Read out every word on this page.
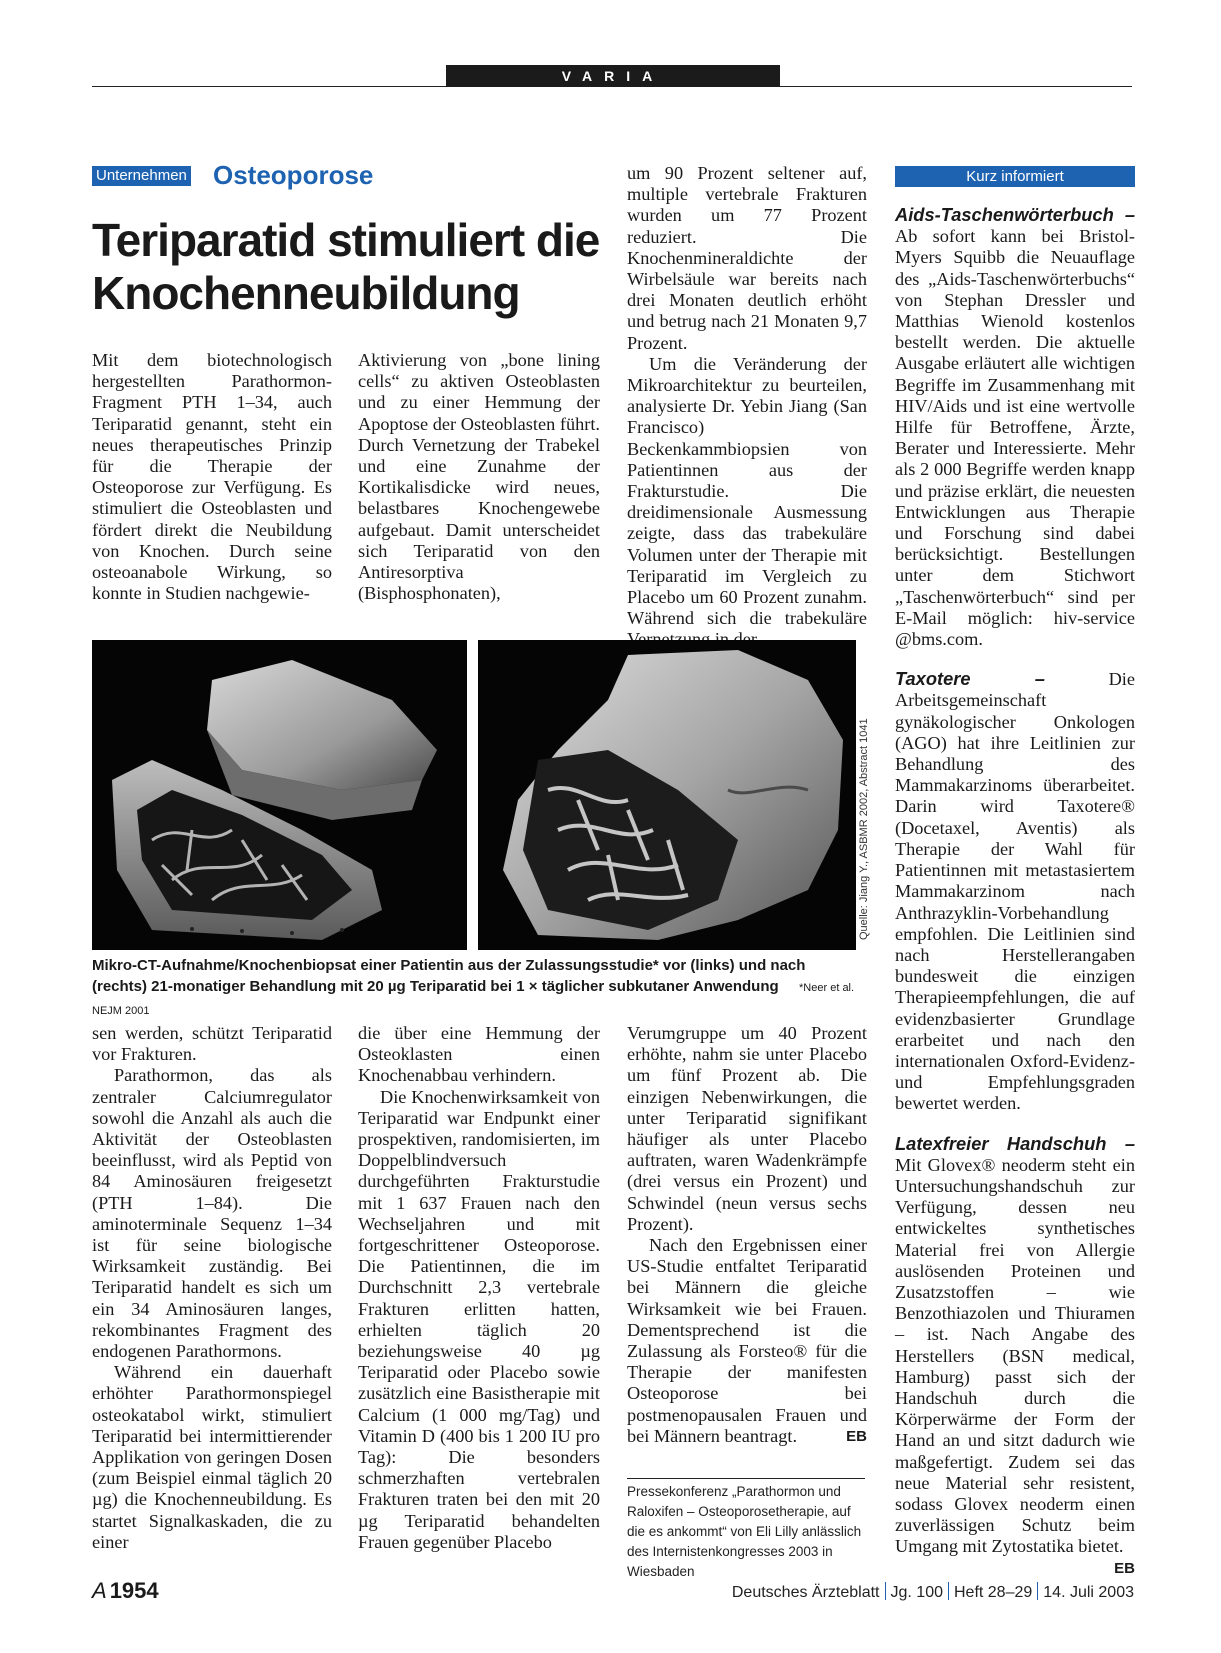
VARIA
Unternehmen Osteoporose
Teriparatid stimuliert die Knochenneubildung

Mit dem biotechnologisch hergestellten Parathormon-Fragment PTH 1–34, auch Teriparatid genannt, steht ein neues therapeutisches Prinzip für die Therapie der Osteoporose zur Verfügung. Es stimuliert die Osteoblasten und fördert direkt die Neubildung von Knochen. Durch seine osteoanabole Wirkung, so konnte in Studien nachgewie-

Aktivierung von „bone lining cells“ zu aktiven Osteoblasten und zu einer Hemmung der Apoptose der Osteoblasten führt. Durch Vernetzung der Trabekel und eine Zunahme der Kortikalisdicke wird neues, belastbares Knochengewebe aufgebaut. Damit unterscheidet sich Teriparatid von den Antiresorptiva (Bisphosphonaten),

um 90 Prozent seltener auf, multiple vertebrale Frakturen wurden um 77 Prozent reduziert. Die Knochenmineraldichte der Wirbelsäule war bereits nach drei Monaten deutlich erhöht und betrug nach 21 Monaten 9,7 Prozent.

Um die Veränderung der Mikroarchitektur zu beurteilen, analysierte Dr. Yebin Jiang (San Francisco) Beckenkammbiopsien von Patientinnen aus der Frakturstudie. Die dreidimensionale Ausmessung zeigte, dass das trabekuläre Volumen unter der Therapie mit Teriparatid im Vergleich zu Placebo um 60 Prozent zunahm. Während sich die trabekuläre

Quelle: Jiang Y., ASBMR 2002, Abstract 1041
Mikro-CT-Aufnahme/Knochenbiopsat einer Patientin aus der Zulassungsstudie* vor (links) und nach (rechts) 21-monatiger Behandlung mit 20 µg Teriparatid bei 1 × täglicher subkutaner Anwendung *Neer et al. NEJM 2001

sen werden, schützt Teriparatid vor Frakturen.

Parathormon, das als zentraler Calciumregulator sowohl die Anzahl als auch die Aktivität der Osteoblasten beeinflusst, wird als Peptid von 84 Aminosäuren freigesetzt (PTH 1–84). Die aminoterminale Sequenz 1–34 ist für seine biologische Wirksamkeit zuständig. Bei Teriparatid handelt es sich um ein 34 Aminosäuren langes, rekombinantes Fragment des endogenen Parathormons.

Während ein dauerhaft erhöhter Parathormonspiegel osteokatabol wirkt, stimuliert Teriparatid bei intermittierender Applikation von geringen Dosen (zum Beispiel einmal täglich 20 µg) die Knochenneubildung. Es startet Signalkaskaden, die zu einer

die über eine Hemmung der Osteoklasten einen Knochenabbau verhindern.

Die Knochenwirksamkeit von Teriparatid war Endpunkt einer prospektiven, randomisierten, im Doppelblindversuch durchgeführten Frakturstudie mit 1 637 Frauen nach den Wechseljahren und mit fortgeschrittener Osteoporose. Die Patientinnen, die im Durchschnitt 2,3 vertebrale Frakturen erlitten hatten, erhielten täglich 20 beziehungsweise 40 µg Teriparatid oder Placebo sowie zusätzlich eine Basistherapie mit Calcium (1 000 mg/Tag) und Vitamin D (400 bis 1 200 IU pro Tag): Die besonders schmerzhaften vertebralen Frakturen traten bei den mit 20 µg Teriparatid behandelten Frauen gegenüber Placebo

Verumgruppe um 40 Prozent erhöhte, nahm sie unter Placebo um fünf Prozent ab. Die einzigen Nebenwirkungen, die unter Teriparatid signifikant häufiger als unter Placebo auftraten, waren Wadenkrämpfe (drei versus ein Prozent) und Schwindel (neun versus sechs Prozent).

Nach den Ergebnissen einer US-Studie entfaltet Teriparatid bei Männern die gleiche Wirksamkeit wie bei Frauen. Dementsprechend ist die Zulassung als Forsteo® für die Therapie der manifesten Osteoporose bei postmenopausalen Frauen und bei Männern beantragt.	EB

Pressekonferenz „Parathormon und Raloxifen – Osteoporosetherapie, auf die es ankommt“ von Eli Lilly anlässlich des Internistenkongresses 2003 in Wiesbaden
Kurz informiert
Aids-Taschenwörterbuch – Ab sofort kann bei Bristol-Myers Squibb die Neuauflage des „Aids-Taschenwörterbuchs“ von Stephan Dressler und Matthias Wienold kostenlos bestellt werden. Die aktuelle Ausgabe erläutert alle wichtigen Begriffe im Zusammenhang mit HIV/Aids und ist eine wertvolle Hilfe für Betroffene, Ärzte, Berater und Interessierte. Mehr als 2 000 Begriffe werden knapp und präzise erklärt, die neuesten Entwicklungen aus Therapie und Forschung sind dabei berücksichtigt. Bestellungen unter dem Stichwort „Taschenwörterbuch“ sind per E-Mail möglich: hiv-service @bms.com.
Taxotere – Die Arbeitsgemeinschaft gynäkologischer Onkologen (AGO) hat ihre Leitlinien zur Behandlung des Mammakarzinoms überarbeitet. Darin wird Taxotere® (Docetaxel, Aventis) als Therapie der Wahl für Patientinnen mit metastasiertem Mammakarzinom nach Anthrazyklin-Vorbehandlung empfohlen. Die Leitlinien sind nach Herstellerangaben bundesweit die einzigen Therapieempfehlungen, die auf evidenzbasierter Grundlage erarbeitet und nach den internationalen Oxford-Evidenz- und Empfehlungsgraden bewertet werden.
Latexfreier Handschuh – Mit Glovex® neoderm steht ein Untersuchungshandschuh zur Verfügung, dessen neu entwickeltes synthetisches Material frei von Allergie auslösenden Proteinen und Zusatzstoffen – wie Benzothiazolen und Thiuramen – ist. Nach Angabe des Herstellers (BSN medical, Hamburg) passt sich der Handschuh durch die Körperwärme der Form der Hand an und sitzt dadurch wie maßgefertigt. Zudem sei das neue Material sehr resistent, sodass Glovex neoderm einen zuverlässigen Schutz beim Umgang mit Zytostatika bietet.
EB
A 1954	Deutsches Ärzteblatt Jg. 100 Heft 28–29 14. Juli 2003
